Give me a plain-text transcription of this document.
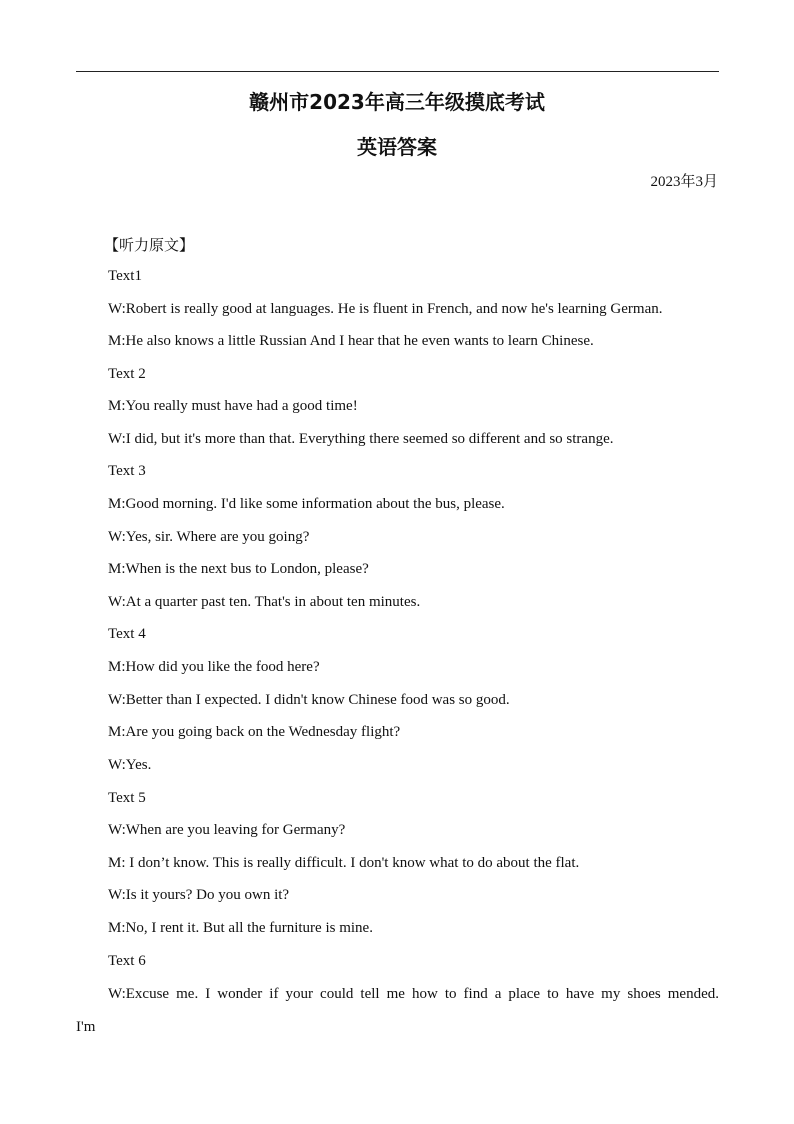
赣州市2023年高三年级摸底考试
英语答案
2023年3月
【听力原文】
Text1
W:Robert is really good at languages. He is fluent in French, and now he's learning German.
M:He also knows a little Russian And I hear that he even wants to learn Chinese.
Text 2
M:You really must have had a good time!
W:I did, but it's more than that. Everything there seemed so different and so strange.
Text 3
M:Good morning. I'd like some information about the bus, please.
W:Yes, sir. Where are you going?
M:When is the next bus to London, please?
W:At a quarter past ten. That's in about ten minutes.
Text 4
M:How did you like the food here?
W:Better than I expected. I didn't know Chinese food was so good.
M:Are you going back on the Wednesday flight?
W:Yes.
Text 5
W:When are you leaving for Germany?
M: I don’t know. This is really difficult. I don't know what to do about the flat.
W:Is it yours? Do you own it?
M:No, I rent it. But all the furniture is mine.
Text 6
W:Excuse me. I wonder if your could tell me how to find a place to have my shoes mended.
I'm
